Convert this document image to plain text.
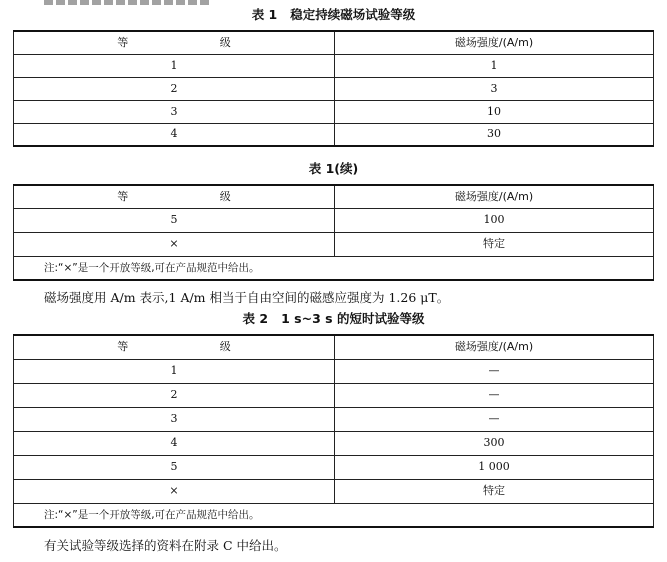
表 1   稳定持续磁场试验等级
等 级	磁场强度/(A/m)
1	1
2	3
3	10
4	30
表 1(续)
等 级	磁场强度/(A/m)
5	100
×	特定
注:“×”是一个开放等级,可在产品规范中给出。	
磁场强度用 A/m 表示,1 A/m 相当于自由空间的磁感应强度为 1.26 μT。
表 2   1 s~3 s 的短时试验等级
等 级	磁场强度/(A/m)
1	—
2	—
3	—
4	300
5	1 000
×	特定
注:“×”是一个开放等级,可在产品规范中给出。	
有关试验等级选择的资料在附录 C 中给出。
